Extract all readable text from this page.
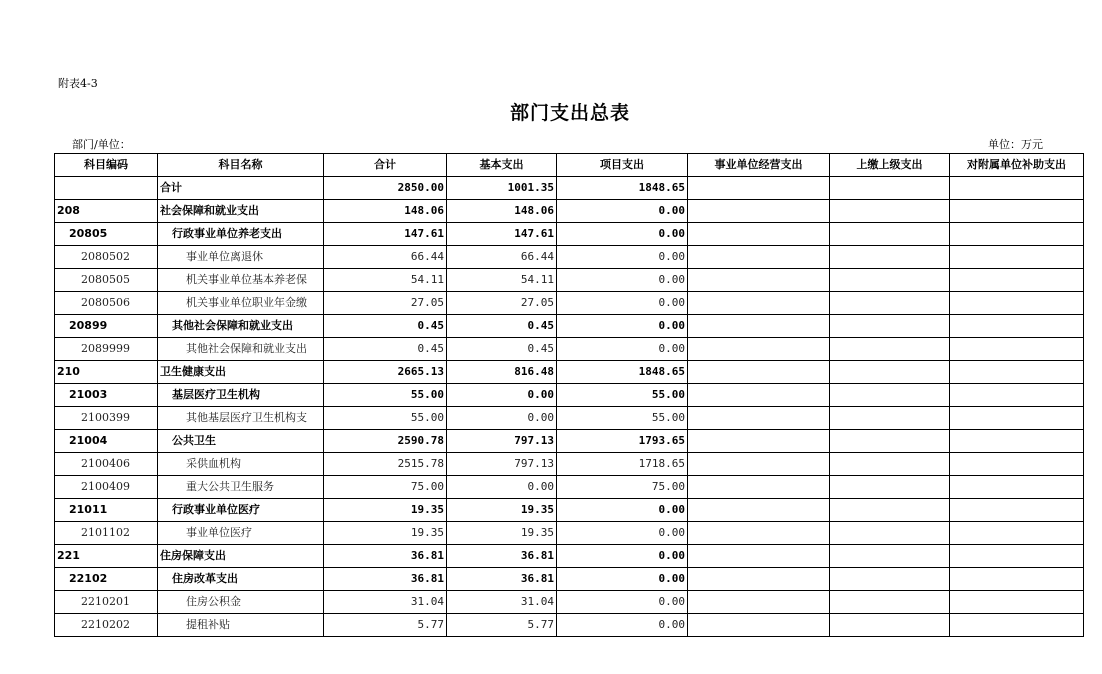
附表4-3
部门支出总表
部门/单位：	单位：万元
科目编码	科目名称	合计	基本支出	项目支出	事业单位经营支出	上缴上级支出	对附属单位补助支出
	合计	2850.00	1001.35	1848.65			
208	社会保障和就业支出	148.06	148.06	0.00			
20805	行政事业单位养老支出	147.61	147.61	0.00			
2080502	事业单位离退休	66.44	66.44	0.00			
2080505	机关事业单位基本养老保	54.11	54.11	0.00			
2080506	机关事业单位职业年金缴	27.05	27.05	0.00			
20899	其他社会保障和就业支出	0.45	0.45	0.00			
2089999	其他社会保障和就业支出	0.45	0.45	0.00			
210	卫生健康支出	2665.13	816.48	1848.65			
21003	基层医疗卫生机构	55.00	0.00	55.00			
2100399	其他基层医疗卫生机构支	55.00	0.00	55.00			
21004	公共卫生	2590.78	797.13	1793.65			
2100406	采供血机构	2515.78	797.13	1718.65			
2100409	重大公共卫生服务	75.00	0.00	75.00			
21011	行政事业单位医疗	19.35	19.35	0.00			
2101102	事业单位医疗	19.35	19.35	0.00			
221	住房保障支出	36.81	36.81	0.00			
22102	住房改革支出	36.81	36.81	0.00			
2210201	住房公积金	31.04	31.04	0.00			
2210202	提租补贴	5.77	5.77	0.00			
